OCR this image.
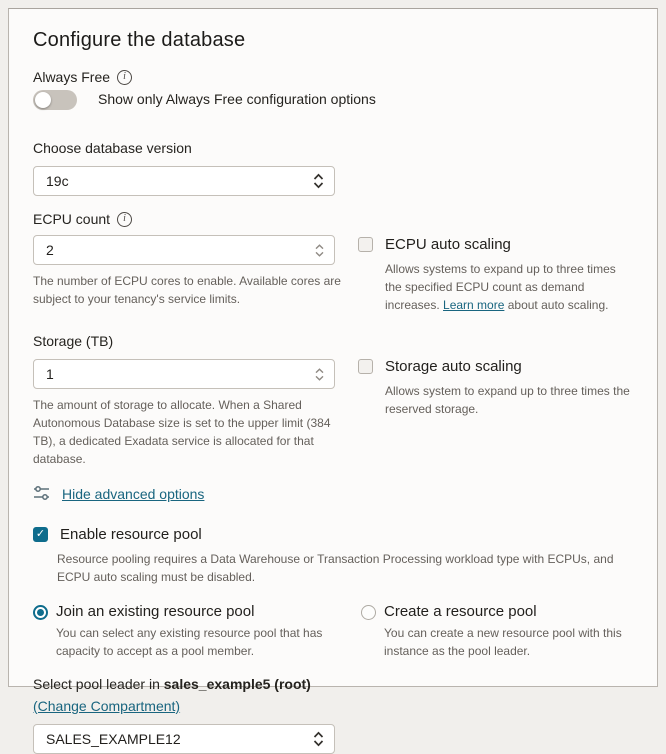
Configure the database
Always Free	i
Show only Always Free configuration options
Choose database version
19c
ECPU count	i
2
The number of ECPU cores to enable. Available cores are subject to your tenancy's service limits.
ECPU auto scaling
Allows systems to expand up to three times the specified ECPU count as demand increases. Learn more about auto scaling.
Storage (TB)
1
The amount of storage to allocate. When a Shared Autonomous Database size is set to the upper limit (384 TB), a dedicated Exadata service is allocated for that database.
Storage auto scaling
Allows system to expand up to three times the reserved storage.
Hide advanced options
✓ Enable resource pool
Resource pooling requires a Data Warehouse or Transaction Processing workload type with ECPUs, and ECPU auto scaling must be disabled.
Join an existing resource pool
You can select any existing resource pool that has capacity to accept as a pool member.
Create a resource pool
You can create a new resource pool with this instance as the pool leader.
Select pool leader in sales_example5 (root)
(Change Compartment)
SALES_EXAMPLE12
